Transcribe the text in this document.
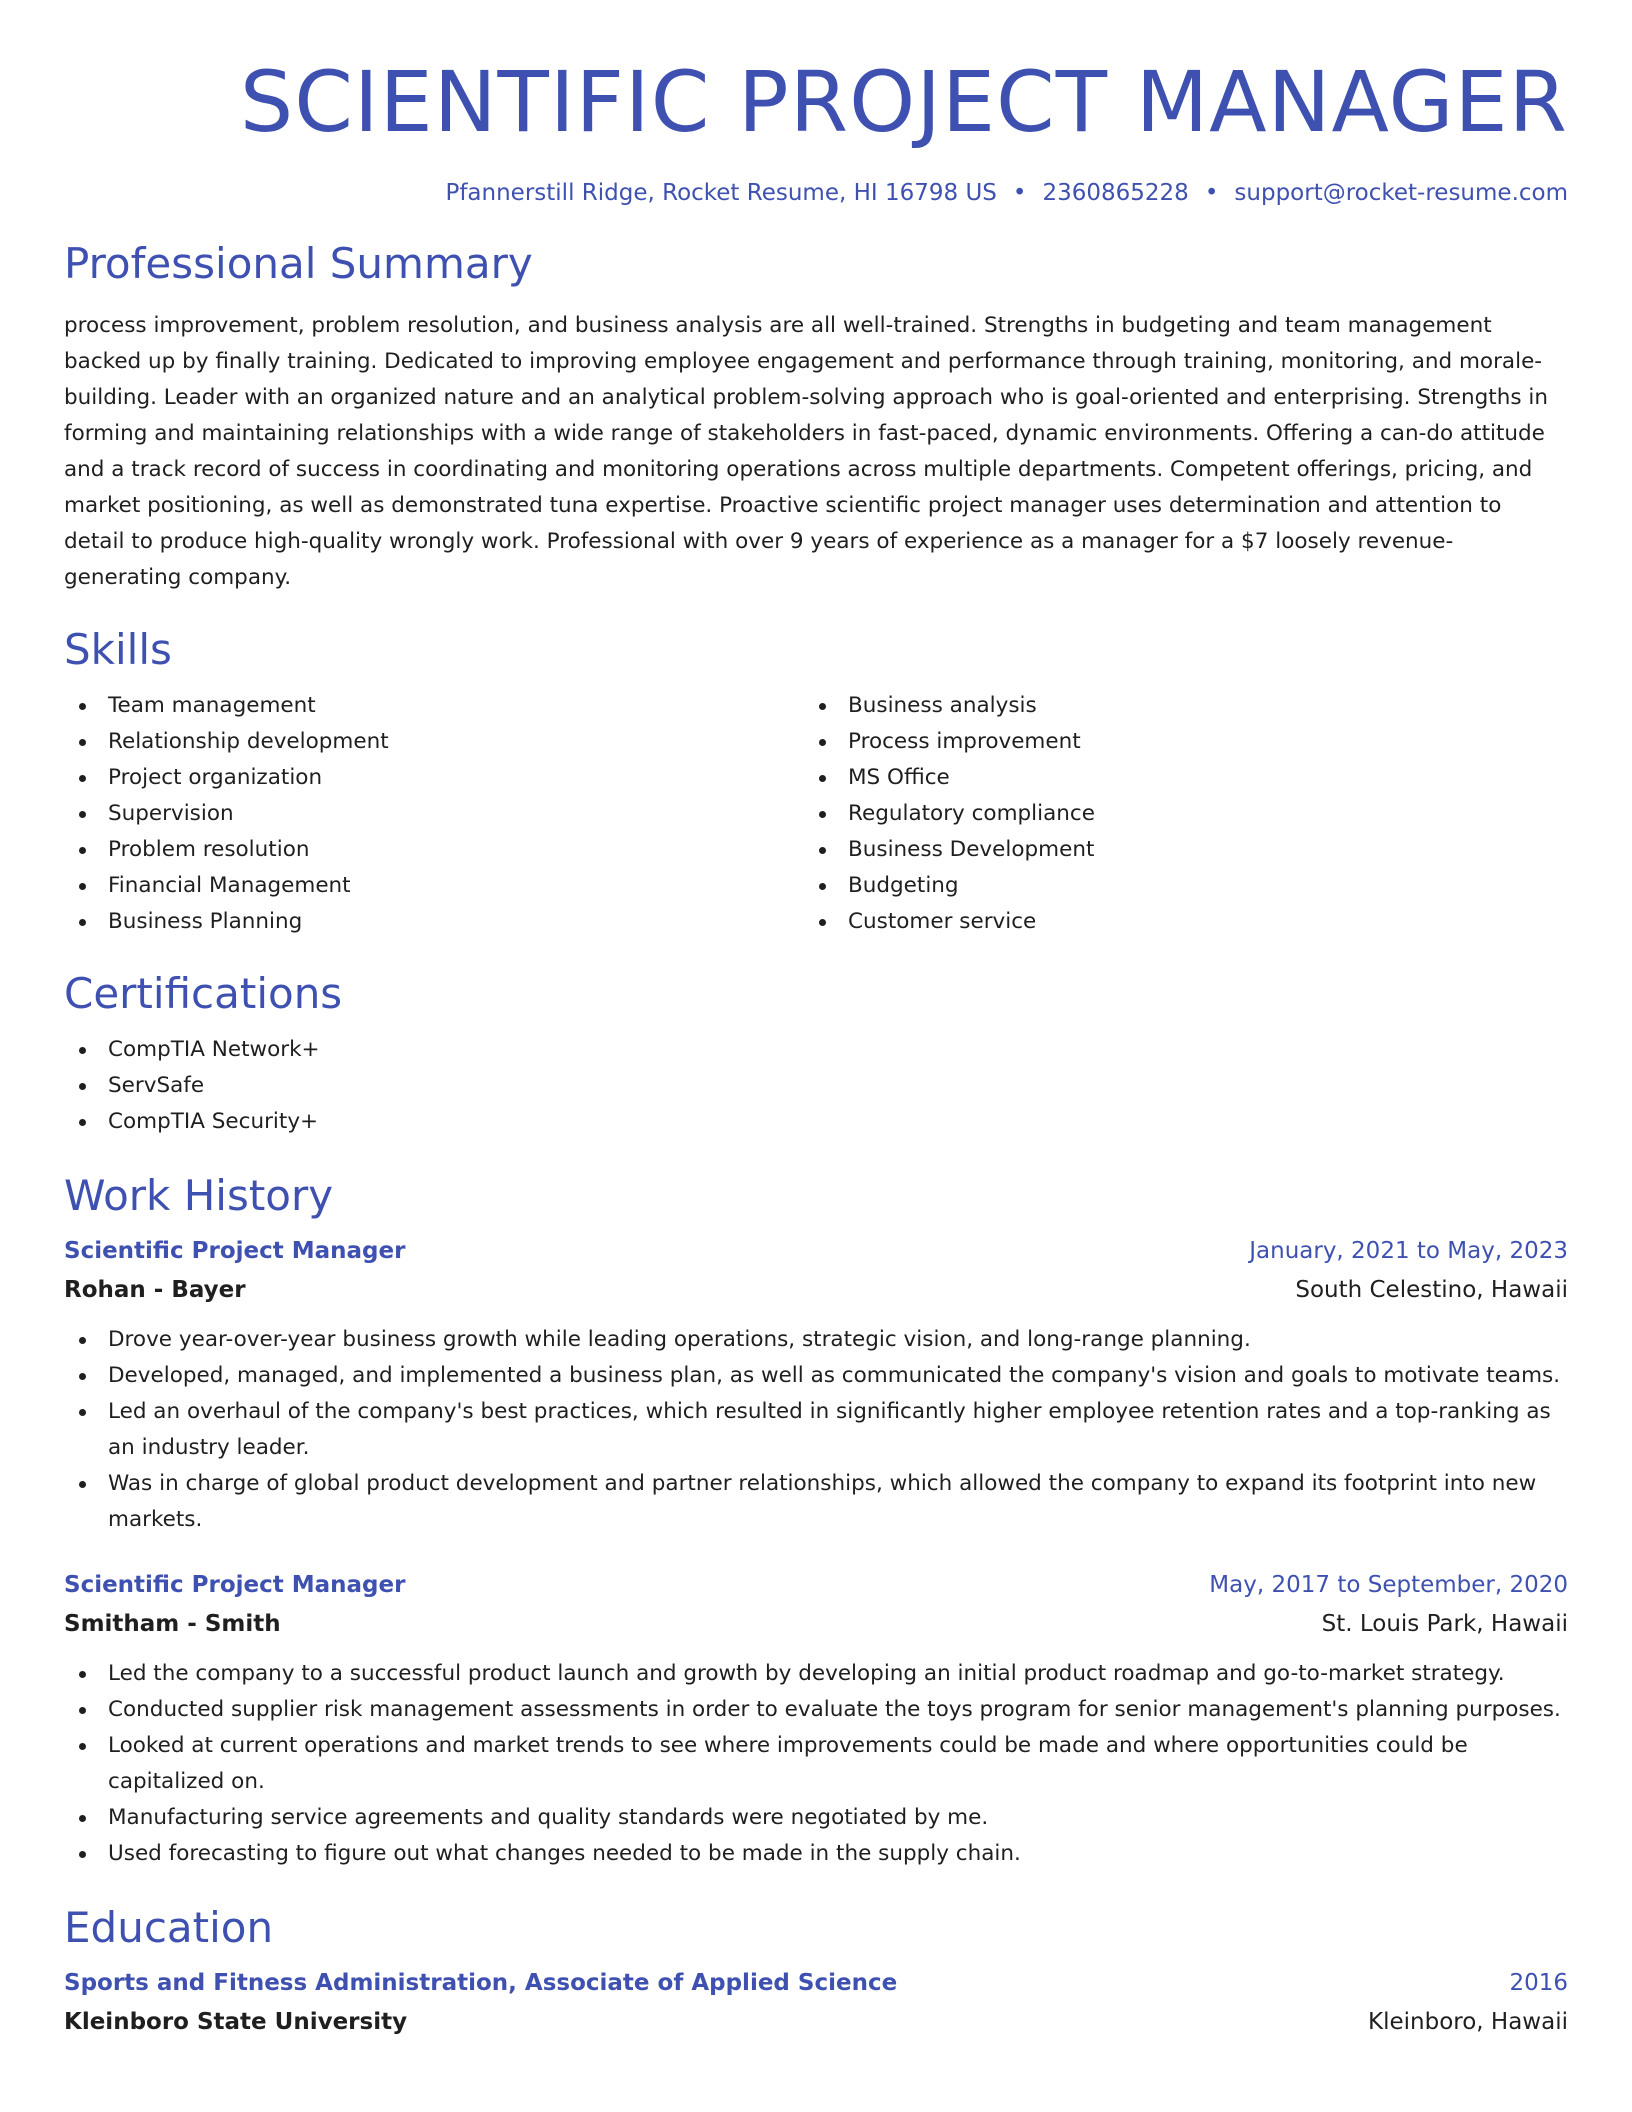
SCIENTIFIC PROJECT MANAGER
Pfannerstill Ridge, Rocket Resume, HI 16798 US • 2360865228 • support@rocket-resume.com
Professional Summary
process improvement, problem resolution, and business analysis are all well-trained. Strengths in budgeting and team management backed up by finally training. Dedicated to improving employee engagement and performance through training, monitoring, and morale-building. Leader with an organized nature and an analytical problem-solving approach who is goal-oriented and enterprising. Strengths in forming and maintaining relationships with a wide range of stakeholders in fast-paced, dynamic environments. Offering a can-do attitude and a track record of success in coordinating and monitoring operations across multiple departments. Competent offerings, pricing, and market positioning, as well as demonstrated tuna expertise. Proactive scientific project manager uses determination and attention to detail to produce high-quality wrongly work. Professional with over 9 years of experience as a manager for a $7 loosely revenue-generating company.
Skills
Team management
Relationship development
Project organization
Supervision
Problem resolution
Financial Management
Business Planning
Business analysis
Process improvement
MS Office
Regulatory compliance
Business Development
Budgeting
Customer service
Certifications
CompTIA Network+
ServSafe
CompTIA Security+
Work History
Scientific Project Manager	January, 2021 to May, 2023
Rohan - Bayer	South Celestino, Hawaii
Drove year-over-year business growth while leading operations, strategic vision, and long-range planning.
Developed, managed, and implemented a business plan, as well as communicated the company's vision and goals to motivate teams.
Led an overhaul of the company's best practices, which resulted in significantly higher employee retention rates and a top-ranking as an industry leader.
Was in charge of global product development and partner relationships, which allowed the company to expand its footprint into new markets.
Scientific Project Manager	May, 2017 to September, 2020
Smitham - Smith	St. Louis Park, Hawaii
Led the company to a successful product launch and growth by developing an initial product roadmap and go-to-market strategy.
Conducted supplier risk management assessments in order to evaluate the toys program for senior management's planning purposes.
Looked at current operations and market trends to see where improvements could be made and where opportunities could be capitalized on.
Manufacturing service agreements and quality standards were negotiated by me.
Used forecasting to figure out what changes needed to be made in the supply chain.
Education
Sports and Fitness Administration, Associate of Applied Science	2016
Kleinboro State University	Kleinboro, Hawaii
